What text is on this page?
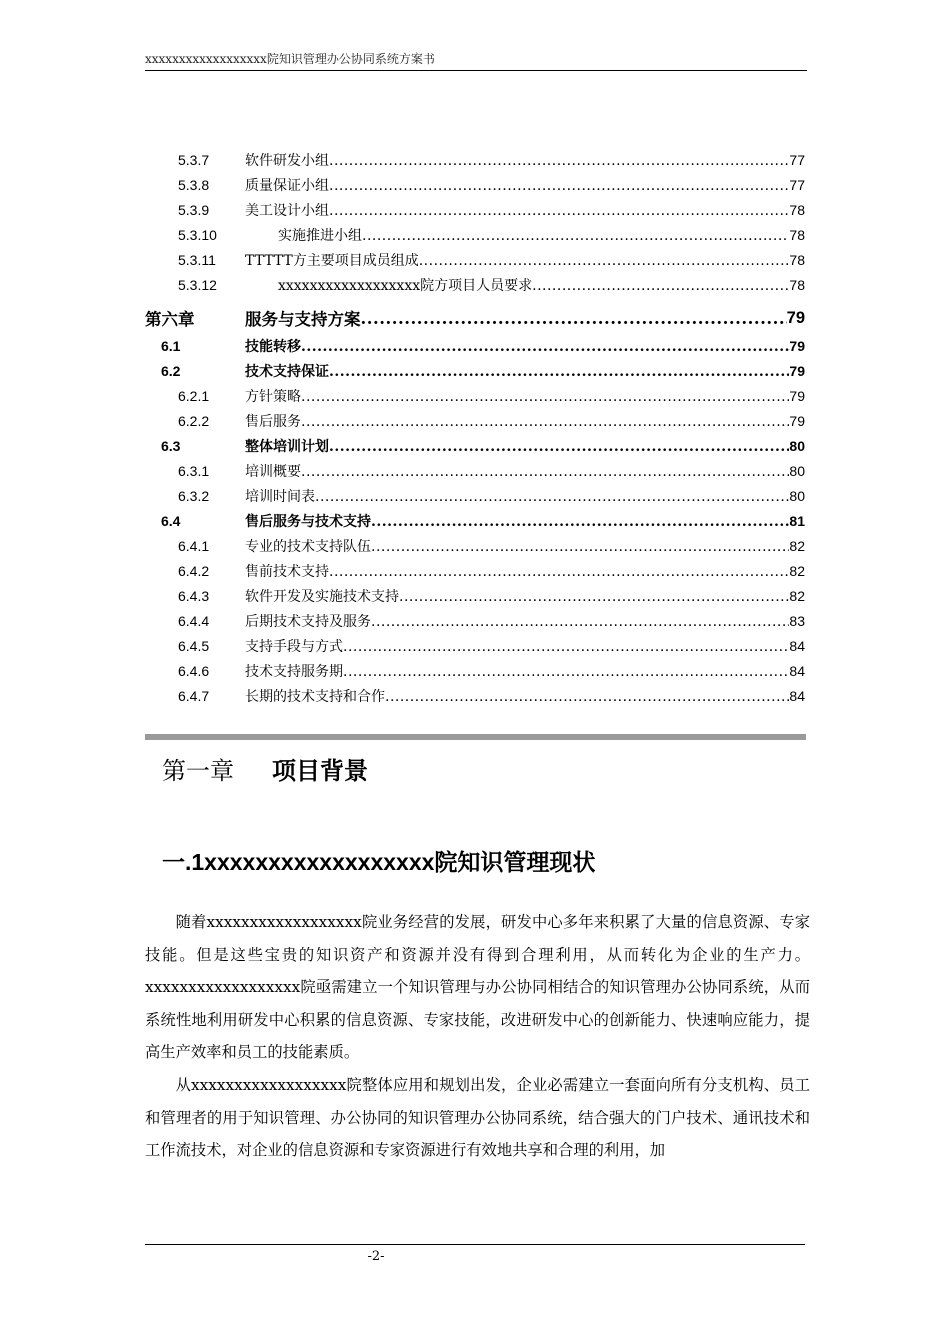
xxxxxxxxxxxxxxxxxx院知识管理办公协同系统方案书
5.3.7	软件研发小组 .....	77
5.3.8	质量保证小组 .....	77
5.3.9	美工设计小组 .....	78
5.3.10	实施推进小组 .....	78
5.3.11	TTTTT方主要项目成员组成 .....	78
5.3.12	xxxxxxxxxxxxxxxxxx院方项目人员要求 .....	78
第六章	服务与支持方案 .....	79
6.1	技能转移 .....	79
6.2	技术支持保证 .....	79
6.2.1	方针策略 .....	79
6.2.2	售后服务 .....	79
6.3	整体培训计划 .....	80
6.3.1	培训概要 .....	80
6.3.2	培训时间表 .....	80
6.4	售后服务与技术支持 .....	81
6.4.1	专业的技术支持队伍 .....	82
6.4.2	售前技术支持 .....	82
6.4.3	软件开发及实施技术支持 .....	82
6.4.4	后期技术支持及服务 .....	83
6.4.5	支持手段与方式 .....	84
6.4.6	技术支持服务期 .....	84
6.4.7	长期的技术支持和合作 .....	84
第一章 项目背景
一.1xxxxxxxxxxxxxxxxxx院知识管理现状

随着xxxxxxxxxxxxxxxxxx院业务经营的发展，研发中心多年来积累了大量的信息资源、专家技能。但是这些宝贵的知识资产和资源并没有得到合理利用，从而转化为企业的生产力。xxxxxxxxxxxxxxxxxx院亟需建立一个知识管理与办公协同相结合的知识管理办公协同系统，从而系统性地利用研发中心积累的信息资源、专家技能，改进研发中心的创新能力、快速响应能力，提高生产效率和员工的技能素质。

从xxxxxxxxxxxxxxxxxx院整体应用和规划出发，企业必需建立一套面向所有分支机构、员工和管理者的用于知识管理、办公协同的知识管理办公协同系统，结合强大的门户技术、通讯技术和工作流技术，对企业的信息资源和专家资源进行有效地共享和合理的利用，加

-2-
